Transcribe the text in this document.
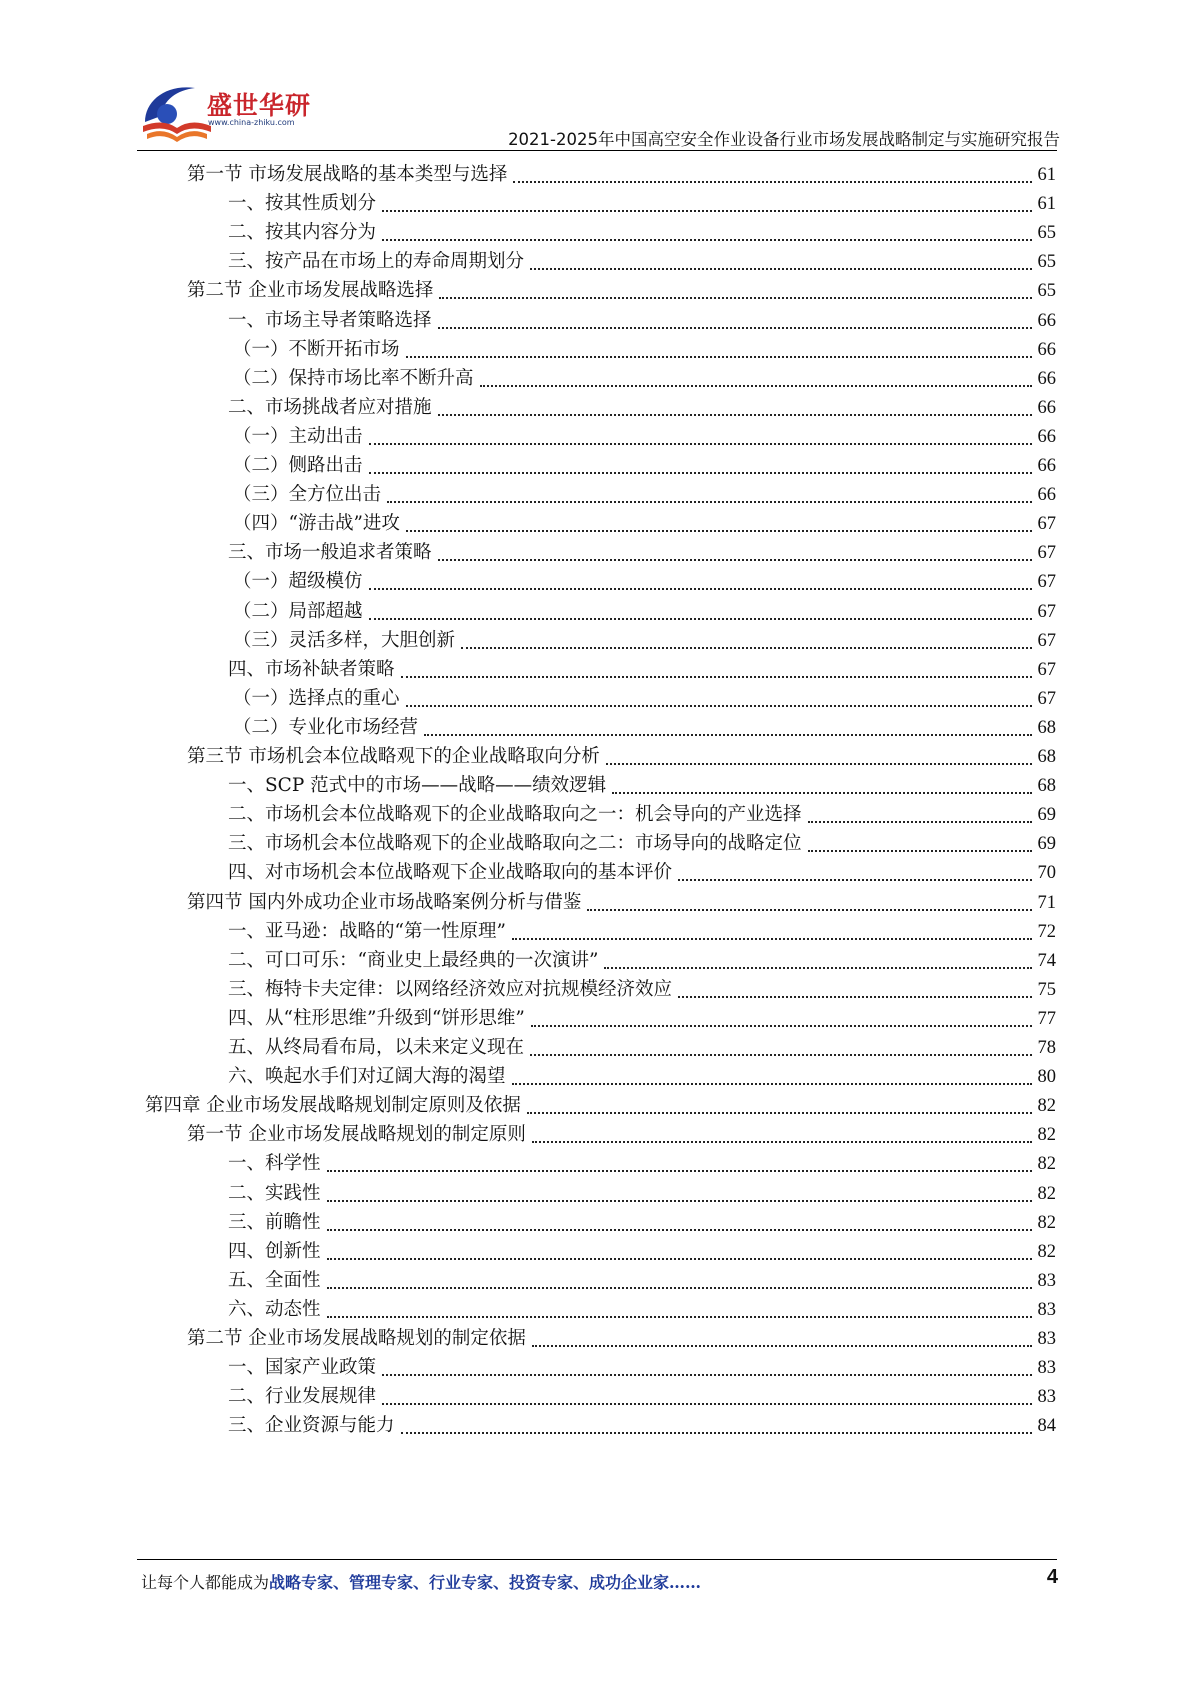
盛世华研
www.china-zhiku.com
2021-2025年中国高空安全作业设备行业市场发展战略制定与实施研究报告
第一节 市场发展战略的基本类型与选择	61
一、按其性质划分	61
二、按其内容分为	65
三、按产品在市场上的寿命周期划分	65
第二节 企业市场发展战略选择	65
一、市场主导者策略选择	66
（一）不断开拓市场	66
（二）保持市场比率不断升高	66
二、市场挑战者应对措施	66
（一）主动出击	66
（二）侧路出击	66
（三）全方位出击	66
（四）“游击战”进攻	67
三、市场一般追求者策略	67
（一）超级模仿	67
（二）局部超越	67
（三）灵活多样，大胆创新	67
四、市场补缺者策略	67
（一）选择点的重心	67
（二）专业化市场经营	68
第三节 市场机会本位战略观下的企业战略取向分析	68
一、SCP 范式中的市场——战略——绩效逻辑	68
二、市场机会本位战略观下的企业战略取向之一：机会导向的产业选择	69
三、市场机会本位战略观下的企业战略取向之二：市场导向的战略定位	69
四、对市场机会本位战略观下企业战略取向的基本评价	70
第四节 国内外成功企业市场战略案例分析与借鉴	71
一、亚马逊：战略的“第一性原理”	72
二、可口可乐：“商业史上最经典的一次演讲”	74
三、梅特卡夫定律：以网络经济效应对抗规模经济效应	75
四、从“柱形思维”升级到“饼形思维”	77
五、从终局看布局，以未来定义现在	78
六、唤起水手们对辽阔大海的渴望	80
第四章 企业市场发展战略规划制定原则及依据	82
第一节 企业市场发展战略规划的制定原则	82
一、科学性	82
二、实践性	82
三、前瞻性	82
四、创新性	82
五、全面性	83
六、动态性	83
第二节 企业市场发展战略规划的制定依据	83
一、国家产业政策	83
二、行业发展规律	83
三、企业资源与能力	84
让每个人都能成为战略专家、管理专家、行业专家、投资专家、成功企业家……	4
